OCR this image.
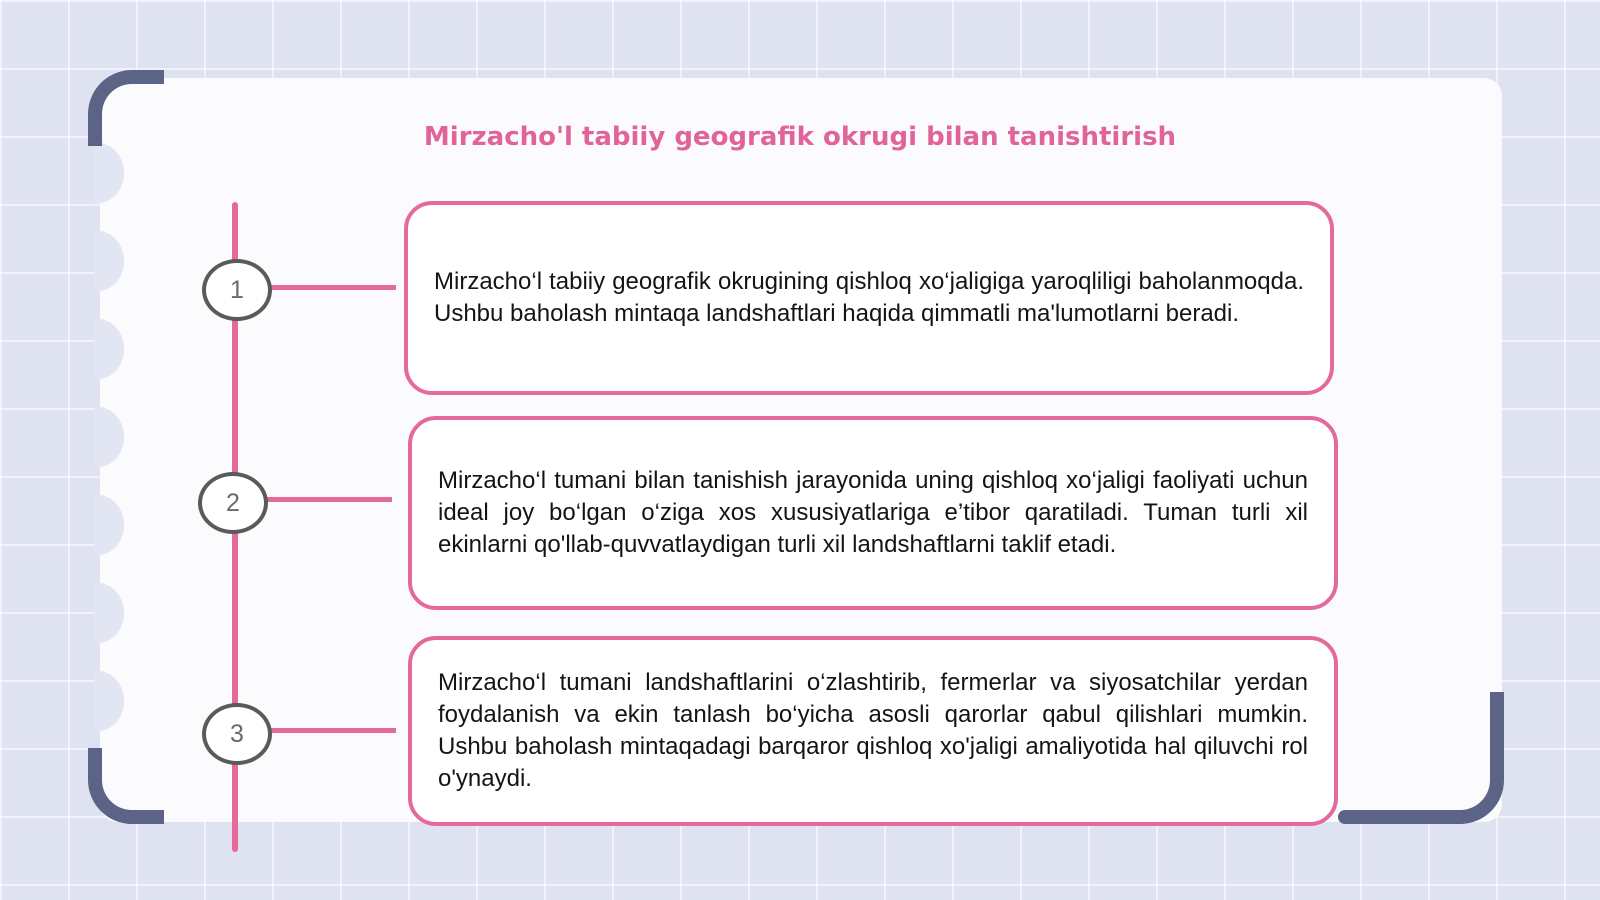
Mirzacho'l tabiiy geografik okrugi bilan tanishtirish
1
2
3

Mirzacho‘l tabiiy geografik okrugining qishloq xo‘jaligiga yaroqliligi baholanmoqda. Ushbu baholash mintaqa landshaftlari haqida qimmatli ma'lumotlarni beradi.

Mirzacho‘l tumani bilan tanishish jarayonida uning qishloq xo‘jaligi faoliyati uchun ideal joy bo‘lgan o‘ziga xos xususiyatlariga e’tibor qaratiladi. Tuman turli xil ekinlarni qo'llab-quvvatlaydigan turli xil landshaftlarni taklif etadi.

Mirzacho‘l tumani landshaftlarini o‘zlashtirib, fermerlar va siyosatchilar yerdan foydalanish va ekin tanlash bo‘yicha asosli qarorlar qabul qilishlari mumkin. Ushbu baholash mintaqadagi barqaror qishloq xo'jaligi amaliyotida hal qiluvchi rol o'ynaydi.
